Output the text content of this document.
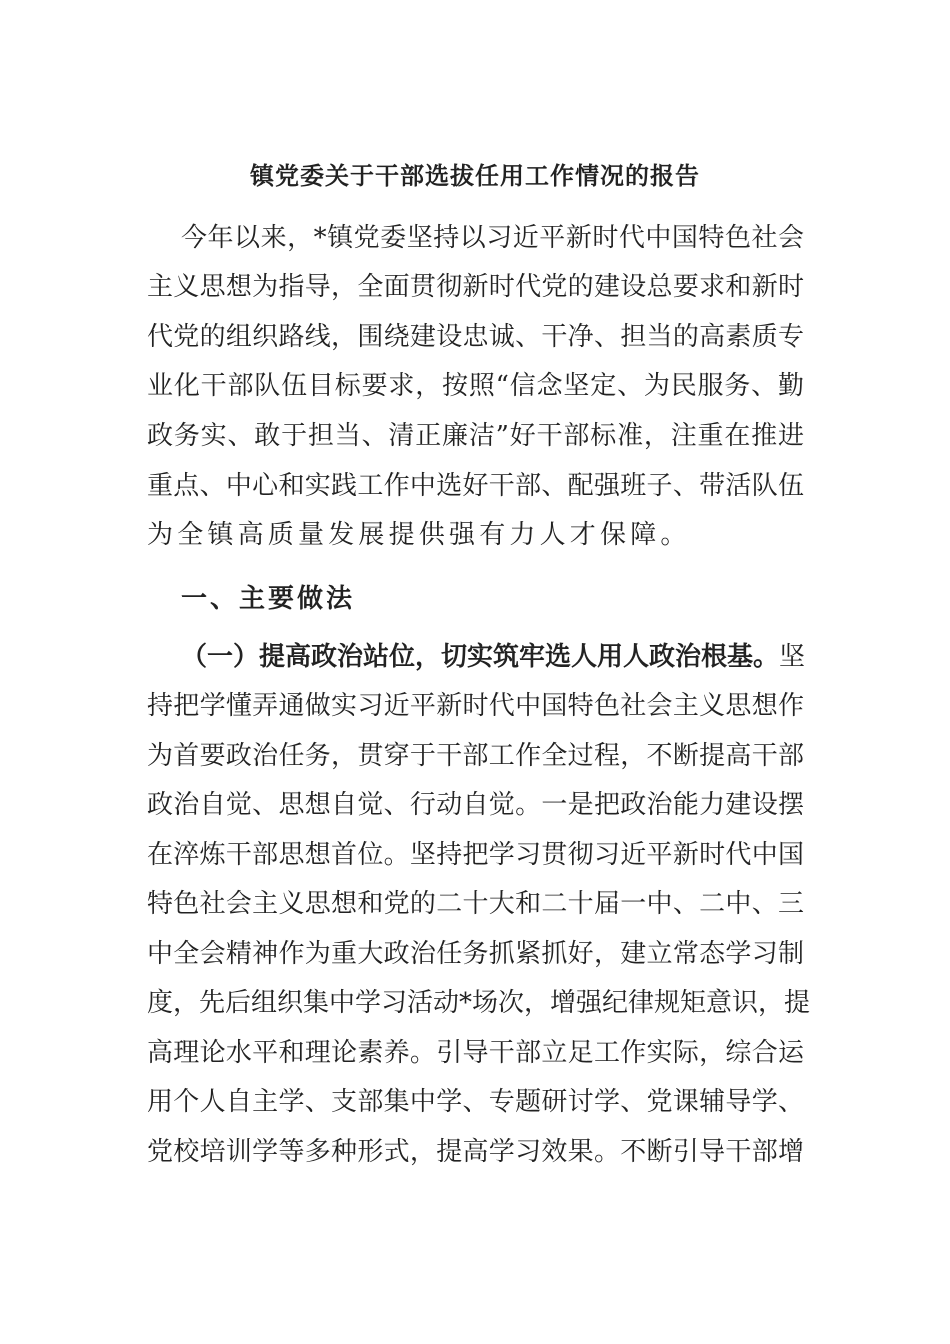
镇党委关于干部选拔任用工作情况的报告

今年以来，*镇党委坚持以习近平新时代中国特色社会

主义思想为指导，全面贯彻新时代党的建设总要求和新时

代党的组织路线，围绕建设忠诚、干净、担当的高素质专

业化干部队伍目标要求，按照“信念坚定、为民服务、勤

政务实、敢于担当、清正廉洁”好干部标准，注重在推进

重点、中心和实践工作中选好干部、配强班子、带活队伍

为全镇高质量发展提供强有力人才保障。

一、主要做法

（一）提高政治站位，切实筑牢选人用人政治根基。坚

持把学懂弄通做实习近平新时代中国特色社会主义思想作

为首要政治任务，贯穿于干部工作全过程，不断提高干部

政治自觉、思想自觉、行动自觉。一是把政治能力建设摆

在淬炼干部思想首位。坚持把学习贯彻习近平新时代中国

特色社会主义思想和党的二十大和二十届一中、二中、三

中全会精神作为重大政治任务抓紧抓好，建立常态学习制

度，先后组织集中学习活动*场次，增强纪律规矩意识，提

高理论水平和理论素养。引导干部立足工作实际，综合运

用个人自主学、支部集中学、专题研讨学、党课辅导学、

党校培训学等多种形式，提高学习效果。不断引导干部增
